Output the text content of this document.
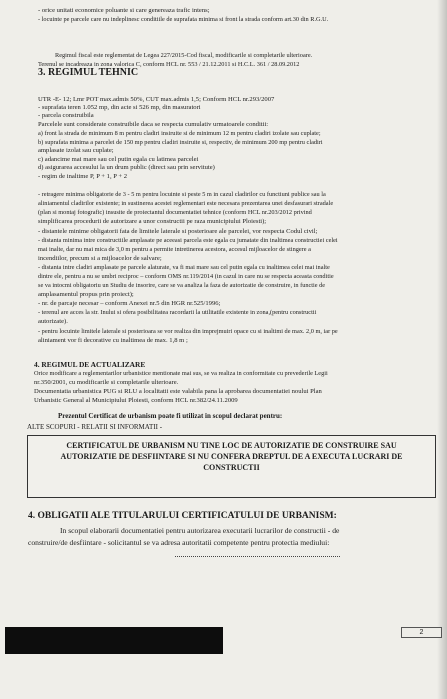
- orice unitati economice poluante si care genereaza trafic intens;
- locuinte pe parcele care nu indeplinesc conditiile de suprafata minima si front la strada conform art.30 din R.G.U.
Regimul fiscal este reglementat de Legea 227/2015-Cod fiscal, modificarile si completarile ulterioare.
Terenul se incadreaza in zona valorica C, conform HCL nr. 553 / 21.12.2011 si H.C.L. 361 / 28.09.2012
3. REGIMUL TEHNIC
UTR -E- 12; Lmr POT max.admis 50%, CUT max.admis 1,5; Conform HCL nr.293/2007
- suprafata teren 1.052 mp, din acte si 526 mp, din masuratori
- parcela construibila
Parcelele sunt considerate construibile daca se respecta cumulativ urmatoarele conditii:
a) front la strada de minimum 8 m pentru cladiri insiruite si de minimum 12 m pentru cladiri izolate sau cuplate;
b) suprafata minima a parcelei de 150 mp pentru cladiri insiruite si, respectiv, de minimum 200 mp pentru cladiri
amplasate izolat sau cuplate;
c) adancime mai mare sau cel putin egala cu latimea parcelei
d) asigurarea accesului la un drum public (direct sau prin servitute)
- regim de inaltime P, P + 1, P + 2
- retragere minima obligatorie de 3 - 5 m pentru locuinte si peste 5 m in cazul cladirilor cu functiuni publice sau la
aliniamentul cladirilor existente; in sustinerea acestei reglementari este necesara prezentarea unei desfasurari stradale
(plan si montaj fotografic) insusite de proiectantul documentatiei tehnice (conform HCL nr.203/2012 privind
simplificarea procedurii de autorizare a unor constructii pe raza municipiului Ploiesti);
- distantele minime obligatorii fata de limitele laterale si posterioare ale parcelei, vor respecta Codul civil;
- distanta minima intre constructiile amplasate pe aceeasi parcela este egala cu jumatate din inaltimea constructiei celei
mai inalte, dar nu mai mica de 3,0 m pentru a permite intretinerea acestora, accesul mijloacelor de stingere a
incendiilor, precum si a mijloacelor de salvare;
- distanta intre cladiri amplasate pe parcele alaturate, va fi mai mare sau cel putin egala cu inaltimea celei mai inalte
dintre ele, pentru a nu se umbri reciproc – conform OMS nr.119/2014 (in cazul in care nu se respecta aceasta conditie
se va intocmi obligatoriu un Studiu de insorire, care se va analiza la faza de autorizatie de construire, in functie de
amplasamentul propus prin proiect);
- nr. de parcaje necesar – conform Anexei nr.5 din HGR nr.525/1996;
- terenul are acces la str. Inului si ofera posibilitatea racordarii la utilitatile existente in zona,(pentru constructii
autorizate).
- pentru locuinte limitele laterale si posterioara se vor realiza din imprejmuiri opace cu si inaltimi de max. 2,0 m, iar pe
aliniament vor fi decorative cu inaltimea de max. 1,8 m ;
4. REGIMUL DE ACTUALIZARE
Orice modificare a reglementarilor urbanistice mentionate mai sus, se va realiza in conformitate cu prevederile Legii
nr.350/2001, cu modificarile si completarile ulterioare.
Documentatia urbanistica PUG si RLU a localitatii este valabila pana la aprobarea documentatiei noului Plan
Urbanistic General al Municipiului Ploiesti, conform HCL nr.382/24.11.2009
Prezentul Certificat de urbanism poate fi utilizat in scopul declarat pentru:
ALTE SCOPURI - RELATII SI INFORMATII -
CERTIFICATUL DE URBANISM NU TINE LOC DE AUTORIZATIE DE CONSTRUIRE SAU
AUTORIZATIE DE DESFIINTARE SI NU CONFERA DREPTUL DE A EXECUTA LUCRARI DE
CONSTRUCTII
4. OBLIGATII ALE TITULARULUI CERTIFICATULUI DE URBANISM:
In scopul elaborarii documentatiei pentru autorizarea executarii lucrarilor de constructii - de
construire/de desfiintare - solicitantul se va adresa autoritatii competente pentru protectia mediului:
2
